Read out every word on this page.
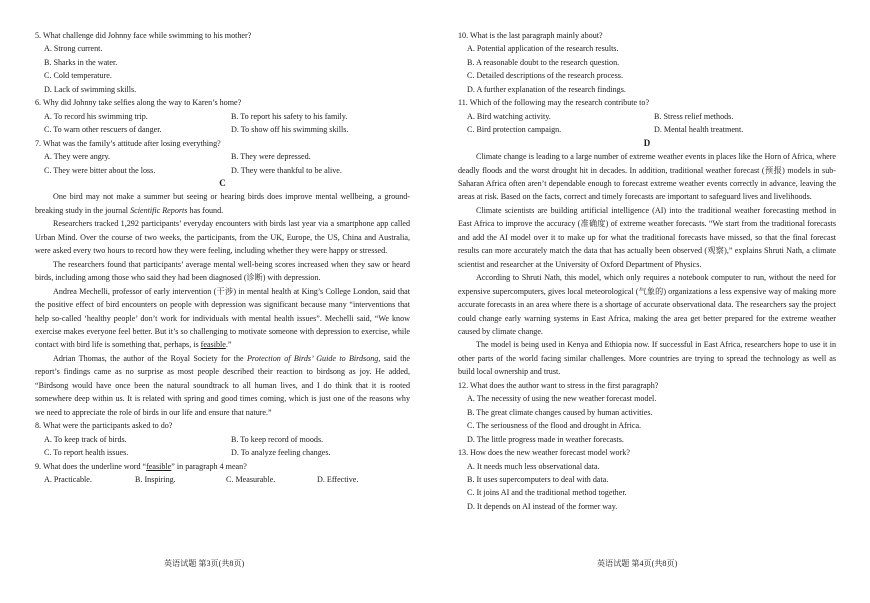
5. What challenge did Johnny face while swimming to his mother?

A. Strong current.
B. Sharks in the water.
C. Cold temperature.
D. Lack of swimming skills.

6. Why did Johnny take selfies along the way to Karen’s home?

A. To record his swimming trip.	B. To report his safety to his family.
C. To warn other rescuers of danger.	D. To show off his swimming skills.

7. What was the family’s attitude after losing everything?

A. They were angry.	B. They were depressed.
C. They were bitter about the loss.	D. They were thankful to be alive.
C

One bird may not make a summer but seeing or hearing birds does improve mental wellbeing, a ground-breaking study in the journal Scientific Reports has found.

Researchers tracked 1,292 participants’ everyday encounters with birds last year via a smartphone app called Urban Mind. Over the course of two weeks, the participants, from the UK, Europe, the US, China and Australia, were asked every two hours to record how they were feeling, including whether they were happy or stressed.

The researchers found that participants’ average mental well-being scores increased when they saw or heard birds, including among those who said they had been diagnosed (诊断) with depression.

Andrea Mechelli, professor of early intervention (干涉) in mental health at King’s College London, said that the positive effect of bird encounters on people with depression was significant because many “interventions that help so-called ‘healthy people’ don’t work for individuals with mental health issues”. Mechelli said, “We know exercise makes everyone feel better. But it’s so challenging to motivate someone with depression to exercise, while contact with bird life is something that, perhaps, is feasible.”

Adrian Thomas, the author of the Royal Society for the Protection of Birds’ Guide to Birdsong, said the report’s findings came as no surprise as most people described their reaction to birdsong as joy. He added, “Birdsong would have once been the natural soundtrack to all human lives, and I do think that it is rooted somewhere deep within us. It is related with spring and good times coming, which is just one of the reasons why we need to appreciate the role of birds in our life and ensure that nature.”

8. What were the participants asked to do?

A. To keep track of birds.	B. To keep record of moods.
C. To report health issues.	D. To analyze feeling changes.

9. What does the underline word “feasible” in paragraph 4 mean?

A. Practicable.	B. Inspiring.	C. Measurable.	D. Effective.
英语试题 第3页(共8页)

10. What is the last paragraph mainly about?

A. Potential application of the research results.
B. A reasonable doubt to the research question.
C. Detailed descriptions of the research process.
D. A further explanation of the research findings.

11. Which of the following may the research contribute to?

A. Bird watching activity.	B. Stress relief methods.
C. Bird protection campaign.	D. Mental health treatment.
D

Climate change is leading to a large number of extreme weather events in places like the Horn of Africa, where deadly floods and the worst drought hit in decades. In addition, traditional weather forecast (预报) models in sub-Saharan Africa often aren’t dependable enough to forecast extreme weather events correctly in advance, leaving the areas at risk. Based on the facts, correct and timely forecasts are important to safeguard lives and livelihoods.

Climate scientists are building artificial intelligence (AI) into the traditional weather forecasting method in East Africa to improve the accuracy (准确度) of extreme weather forecasts. “We start from the traditional forecasts and add the AI model over it to make up for what the traditional forecasts have missed, so that the final forecast results can more accurately match the data that has actually been observed (观察),” explains Shruti Nath, a climate scientist and researcher at the University of Oxford Department of Physics.

According to Shruti Nath, this model, which only requires a notebook computer to run, without the need for expensive supercomputers, gives local meteorological (气象的) organizations a less expensive way of making more accurate forecasts in an area where there is a shortage of accurate observational data. The researchers say the project could change early warning systems in East Africa, making the area get better prepared for the extreme weather caused by climate change.

The model is being used in Kenya and Ethiopia now. If successful in East Africa, researchers hope to use it in other parts of the world facing similar challenges. More countries are trying to spread the technology as well as build local ownership and trust.

12. What does the author want to stress in the first paragraph?

A. The necessity of using the new weather forecast model.
B. The great climate changes caused by human activities.
C. The seriousness of the flood and drought in Africa.
D. The little progress made in weather forecasts.

13. How does the new weather forecast model work?

A. It needs much less observational data.
B. It uses supercomputers to deal with data.
C. It joins AI and the traditional method together.
D. It depends on AI instead of the former way.
英语试题 第4页(共8页)
